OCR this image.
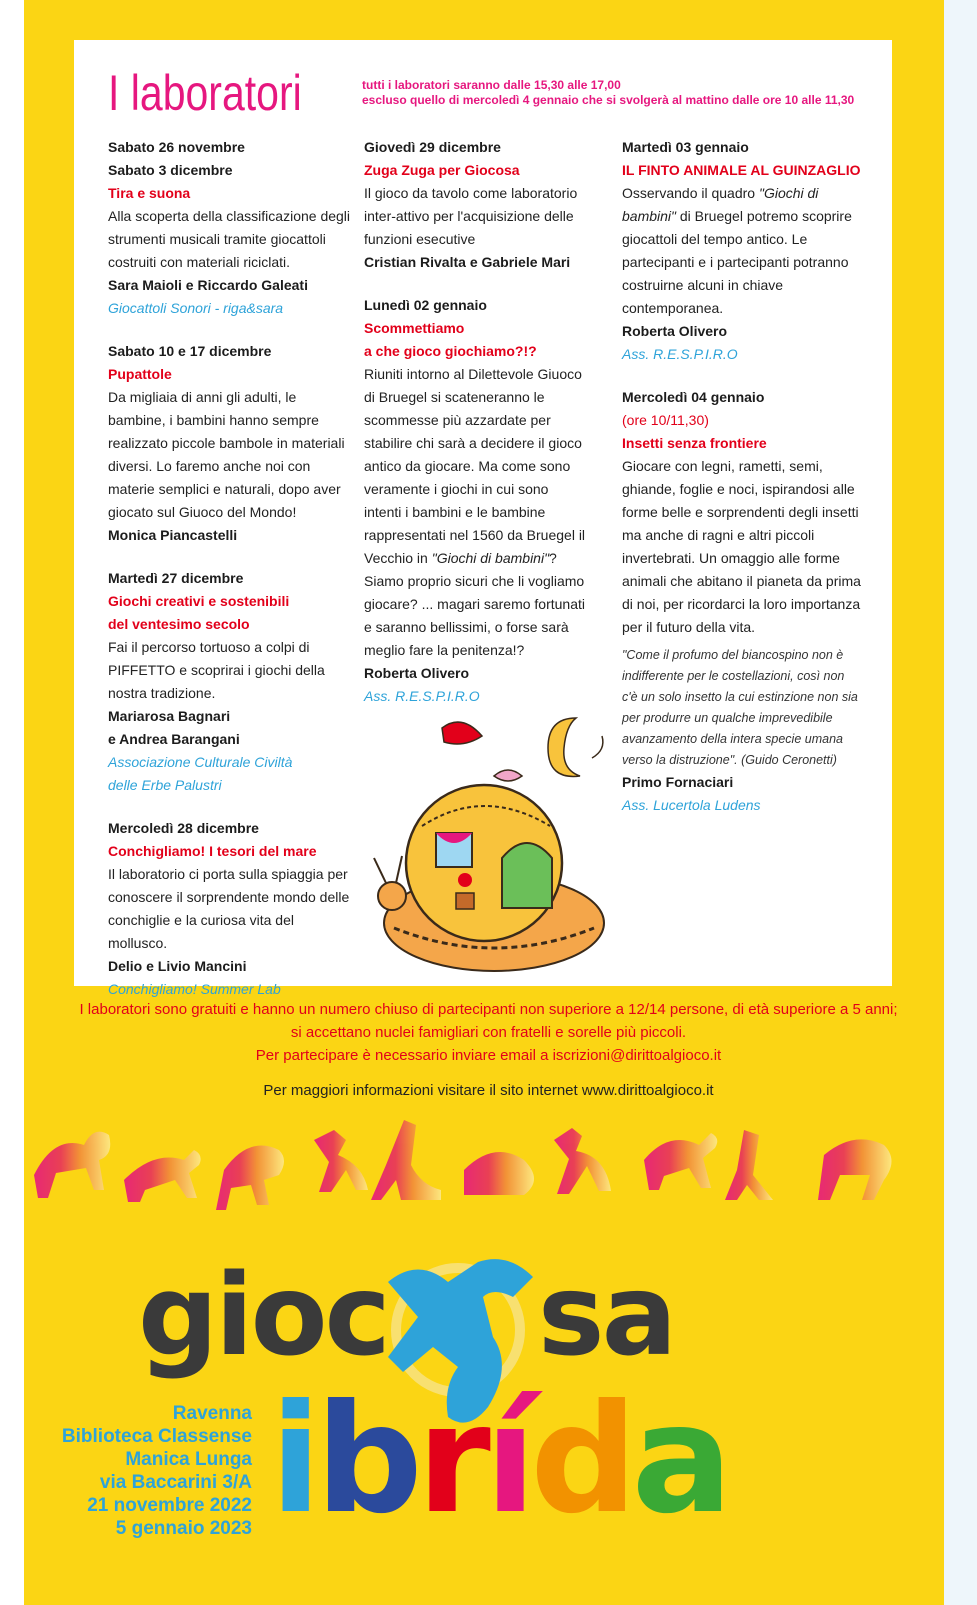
I laboratori	tutti i laboratori saranno dalle 15,30 alle 17,00
escluso quello di mercoledì 4 gennaio che si svolgerà al mattino dalle ore 10 alle 11,30
Sabato 26 novembre
Sabato 3 dicembre
Tira e suona
Alla scoperta della classificazione degli strumenti musicali tramite giocattoli costruiti con materiali riciclati.
Sara Maioli e Riccardo Galeati
Giocattoli Sonori - riga&sara
Sabato 10 e 17 dicembre
Pupattole
Da migliaia di anni gli adulti, le bambine, i bambini hanno sempre realizzato piccole bambole in materiali diversi. Lo faremo anche noi con materie semplici e naturali, dopo aver giocato sul Giuoco del Mondo!
Monica Piancastelli
Martedì 27 dicembre
Giochi creativi e sostenibili
del ventesimo secolo
Fai il percorso tortuoso a colpi di PIFFETTO e scoprirai i giochi della nostra tradizione.
Mariarosa Bagnari
e Andrea Barangani
Associazione Culturale Civiltà
delle Erbe Palustri
Mercoledì 28 dicembre
Conchigliamo! I tesori del mare
Il laboratorio ci porta sulla spiaggia per conoscere il sorprendente mondo delle conchiglie e la curiosa vita del mollusco.
Delio e Livio Mancini
Conchigliamo! Summer Lab
Giovedì 29 dicembre
Zuga Zuga per Giocosa
Il gioco da tavolo come laboratorio inter-attivo per l'acquisizione delle funzioni esecutive
Cristian Rivalta e Gabriele Mari
Lunedì 02 gennaio
Scommettiamo
a che gioco giochiamo?!?
Riuniti intorno al Dilettevole Giuoco di Bruegel si scateneranno le scommesse più azzardate per stabilire chi sarà a decidere il gioco antico da giocare. Ma come sono veramente i giochi in cui sono intenti i bambini e le bambine rappresentati nel 1560 da Bruegel il Vecchio in "Giochi di bambini"? Siamo proprio sicuri che li vogliamo giocare? ... magari saremo fortunati e saranno bellissimi, o forse sarà meglio fare la penitenza!?
Roberta Olivero
Ass. R.E.S.P.I.R.O
Martedì 03 gennaio
IL FINTO ANIMALE AL GUINZAGLIO
Osservando il quadro "Giochi di bambini" di Bruegel potremo scoprire giocattoli del tempo antico. Le partecipanti e i partecipanti potranno costruirne alcuni in chiave contemporanea.
Roberta Olivero
Ass. R.E.S.P.I.R.O
Mercoledì 04 gennaio
(ore 10/11,30)
Insetti senza frontiere
Giocare con legni, rametti, semi, ghiande, foglie e noci, ispirandosi alle forme belle e sorprendenti degli insetti ma anche di ragni e altri piccoli invertebrati. Un omaggio alle forme animali che abitano il pianeta da prima di noi, per ricordarci la loro importanza per il futuro della vita.
"Come il profumo del biancospino non è indifferente per le costellazioni, così non c'è un solo insetto la cui estinzione non sia per produrre un qualche imprevedibile avanzamento della intera specie umana verso la distruzione". (Guido Ceronetti)
Primo Fornaciari
Ass. Lucertola Ludens
I laboratori sono gratuiti e hanno un numero chiuso di partecipanti non superiore a 12/14 persone, di età superiore a 5 anni;
si accettano nuclei famigliari con fratelli e sorelle più piccoli.
Per partecipare è necessario inviare email a iscrizioni@dirittoalgioco.it
Per maggiori informazioni visitare il sito internet www.dirittoalgioco.it
gioc sa
ibrída
Ravenna
Biblioteca Classense
Manica Lunga
via Baccarini 3/A
21 novembre 2022
5 gennaio 2023
